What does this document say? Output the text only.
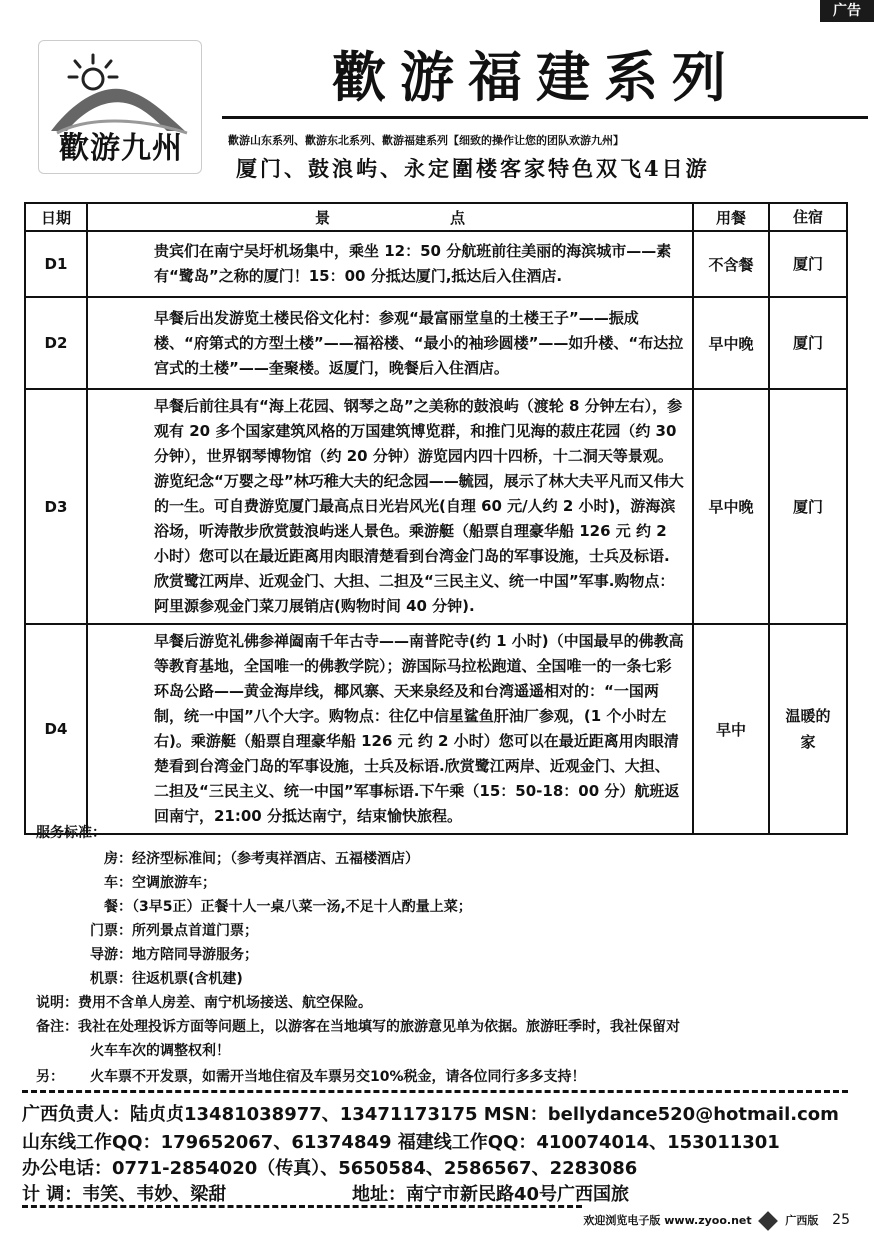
广告
歡游九州
歡游福建系列
歡游山东系列、歡游东北系列、歡游福建系列【细致的操作让您的团队欢游九州】
厦门、鼓浪屿、永定圍楼客家特色双飞4日游
日期	景点	用餐	住宿
D1	贵宾们在南宁吴圩机场集中，乘坐 12：50 分航班前往美丽的海滨城市——素有“鹭岛”之称的厦门！15：00 分抵达厦门,抵达后入住酒店.	不含餐	厦门
D2	早餐后出发游览土楼民俗文化村：参观“最富丽堂皇的土楼王子”——振成楼、“府第式的方型土楼”——福裕楼、“最小的袖珍圆楼”——如升楼、“布达拉宫式的土楼”——奎聚楼。返厦门，晚餐后入住酒店。	早中晚	厦门
D3	早餐后前往具有“海上花园、钢琴之岛”之美称的鼓浪屿（渡轮 8 分钟左右），参观有 20 多个国家建筑风格的万国建筑博览群，和推门见海的菽庄花园（约 30 分钟），世界钢琴博物馆（约 20 分钟）游览园内四十四桥，十二洞天等景观。游览纪念“万婴之母”林巧稚大夫的纪念园——毓园，展示了林大夫平凡而又伟大的一生。可自费游览厦门最高点日光岩风光(自理 60 元/人约 2 小时)，游海滨浴场，听涛散步欣赏鼓浪屿迷人景色。乘游艇（船票自理豪华船 126 元 约 2 小时）您可以在最近距离用肉眼清楚看到台湾金门岛的军事设施，士兵及标语.欣赏鹭江两岸、近观金门、大担、二担及“三民主义、统一中国”军事.购物点：阿里源参观金门菜刀展销店(购物时间 40 分钟).	早中晚	厦门
D4	早餐后游览礼佛参禅阖南千年古寺——南普陀寺(约 1 小时)（中国最早的佛教高等教育基地，全国唯一的佛教学院）；游国际马拉松跑道、全国唯一的一条七彩环岛公路——黄金海岸线，椰风寨、天来泉经及和台湾遥遥相对的：“一国两制，统一中国”八个大字。购物点：往亿中信星鲨鱼肝油厂参观，(1 个小时左右)。乘游艇（船票自理豪华船 126 元 约 2 小时）您可以在最近距离用肉眼清楚看到台湾金门岛的军事设施，士兵及标语.欣赏鹭江两岸、近观金门、大担、二担及“三民主义、统一中国”军事标语.下午乘（15：50-18：00 分）航班返回南宁，21:00 分抵达南宁，结束愉快旅程。	早中	温暖的家
服务标准：
房：经济型标准间；（参考夷祥酒店、五福楼酒店）
车：空调旅游车；
餐：（3早5正）正餐十人一桌八菜一汤,不足十人酌量上菜；
门票：所列景点首道门票；
导游：地方陪同导游服务；
机票：往返机票(含机建)
说明：费用不含单人房差、南宁机场接送、航空保险。
备注：我社在处理投诉方面等问题上，以游客在当地填写的旅游意见单为依据。旅游旺季时，我社保留对
火车车次的调整权利！
另： 火车票不开发票，如需开当地住宿及车票另交10%税金，请各位同行多多支持！
广西负责人：陆贞贞13481038977、13471173175 MSN：bellydance520@hotmail.com
山东线工作QQ：179652067、61374849 福建线工作QQ：410074014、153011301
办公电话：0771-2854020（传真）、5650584、2586567、2283086
计 调：韦笑、韦妙、梁甜	地址：南宁市新民路40号广西国旅
欢迎浏览电子版 www.zyoo.net	广西版 25
